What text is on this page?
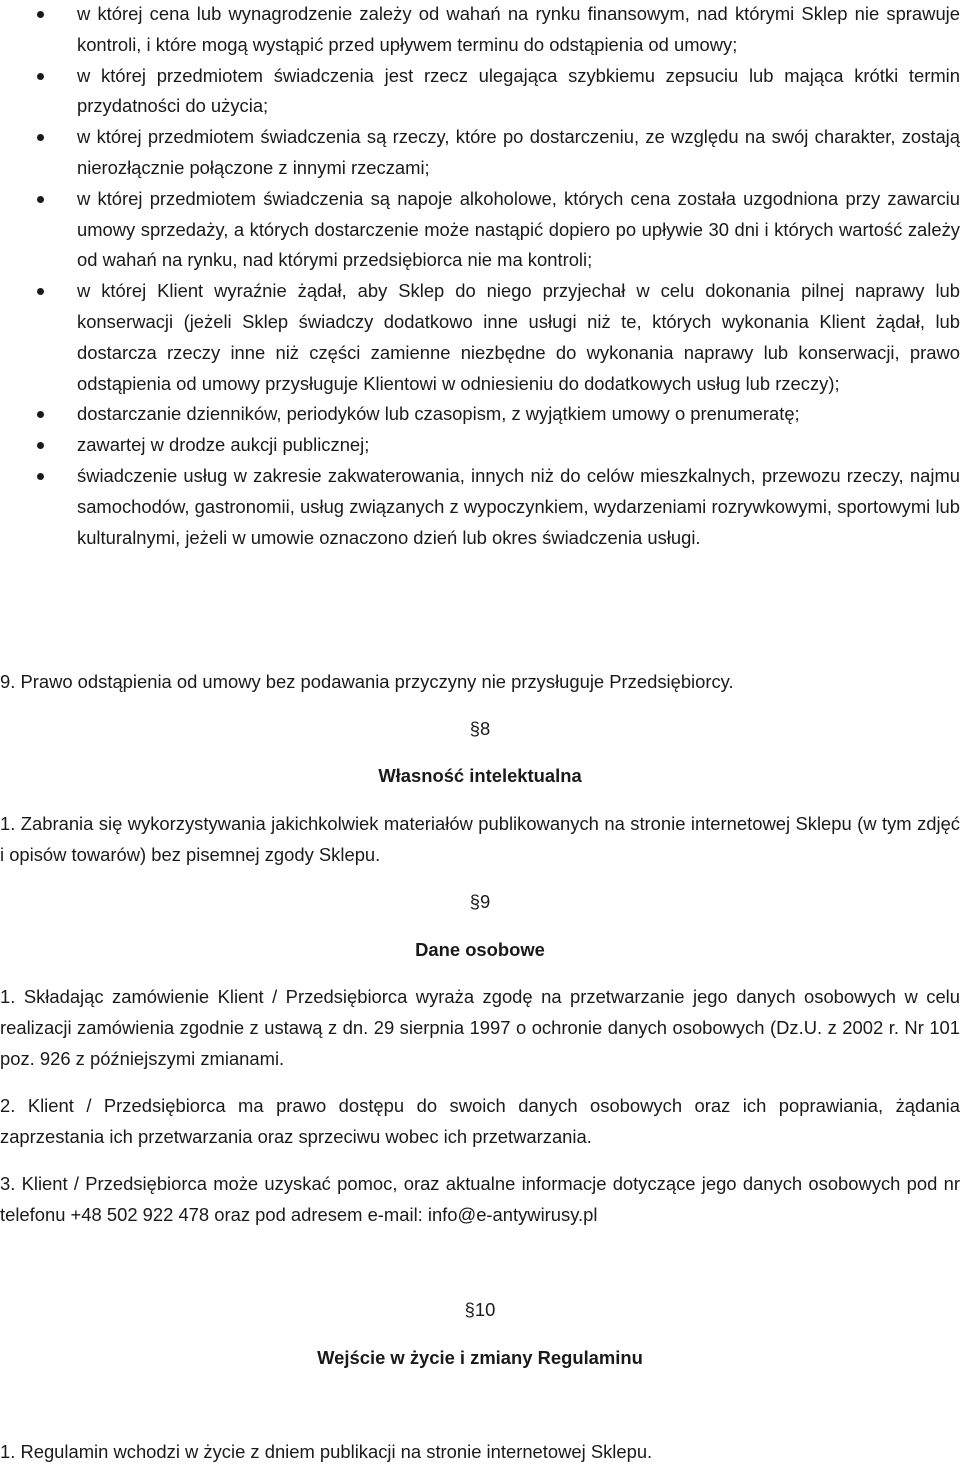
w której cena lub wynagrodzenie zależy od wahań na rynku finansowym, nad którymi Sklep nie sprawuje kontroli, i które mogą wystąpić przed upływem terminu do odstąpienia od umowy;
w której przedmiotem świadczenia jest rzecz ulegająca szybkiemu zepsuciu lub mająca krótki termin przydatności do użycia;
w której przedmiotem świadczenia są rzeczy, które po dostarczeniu, ze względu na swój charakter, zostają nierozłącznie połączone z innymi rzeczami;
w której przedmiotem świadczenia są napoje alkoholowe, których cena została uzgodniona przy zawarciu umowy sprzedaży, a których dostarczenie może nastąpić dopiero po upływie 30 dni i których wartość zależy od wahań na rynku, nad którymi przedsiębiorca nie ma kontroli;
w której Klient wyraźnie żądał, aby Sklep do niego przyjechał w celu dokonania pilnej naprawy lub konserwacji (jeżeli Sklep świadczy dodatkowo inne usługi niż te, których wykonania Klient żądał, lub dostarcza rzeczy inne niż części zamienne niezbędne do wykonania naprawy lub konserwacji, prawo odstąpienia od umowy przysługuje Klientowi w odniesieniu do dodatkowych usług lub rzeczy);
dostarczanie dzienników, periodyków lub czasopism, z wyjątkiem umowy o prenumeratę;
zawartej w drodze aukcji publicznej;
świadczenie usług w zakresie zakwaterowania, innych niż do celów mieszkalnych, przewozu rzeczy, najmu samochodów, gastronomii, usług związanych z wypoczynkiem, wydarzeniami rozrywkowymi, sportowymi lub kulturalnymi, jeżeli w umowie oznaczono dzień lub okres świadczenia usługi.

9. Prawo odstąpienia od umowy bez podawania przyczyny nie przysługuje Przedsiębiorcy.

§8

Własność intelektualna

1. Zabrania się wykorzystywania jakichkolwiek materiałów publikowanych na stronie internetowej Sklepu (w tym zdjęć i opisów towarów) bez pisemnej zgody Sklepu.

§9

Dane osobowe

1. Składając zamówienie Klient / Przedsiębiorca wyraża zgodę na przetwarzanie jego danych osobowych w celu realizacji zamówienia zgodnie z ustawą z dn. 29 sierpnia 1997 o ochronie danych osobowych (Dz.U. z 2002 r. Nr 101 poz. 926 z późniejszymi zmianami.

2. Klient / Przedsiębiorca ma prawo dostępu do swoich danych osobowych oraz ich poprawiania, żądania zaprzestania ich przetwarzania oraz sprzeciwu wobec ich przetwarzania.

3. Klient / Przedsiębiorca może uzyskać pomoc, oraz aktualne informacje dotyczące jego danych osobowych pod nr telefonu +48 502 922 478 oraz pod adresem e-mail: info@e-antywirusy.pl

§10

Wejście w życie i zmiany Regulaminu

1. Regulamin wchodzi w życie z dniem publikacji na stronie internetowej Sklepu.
